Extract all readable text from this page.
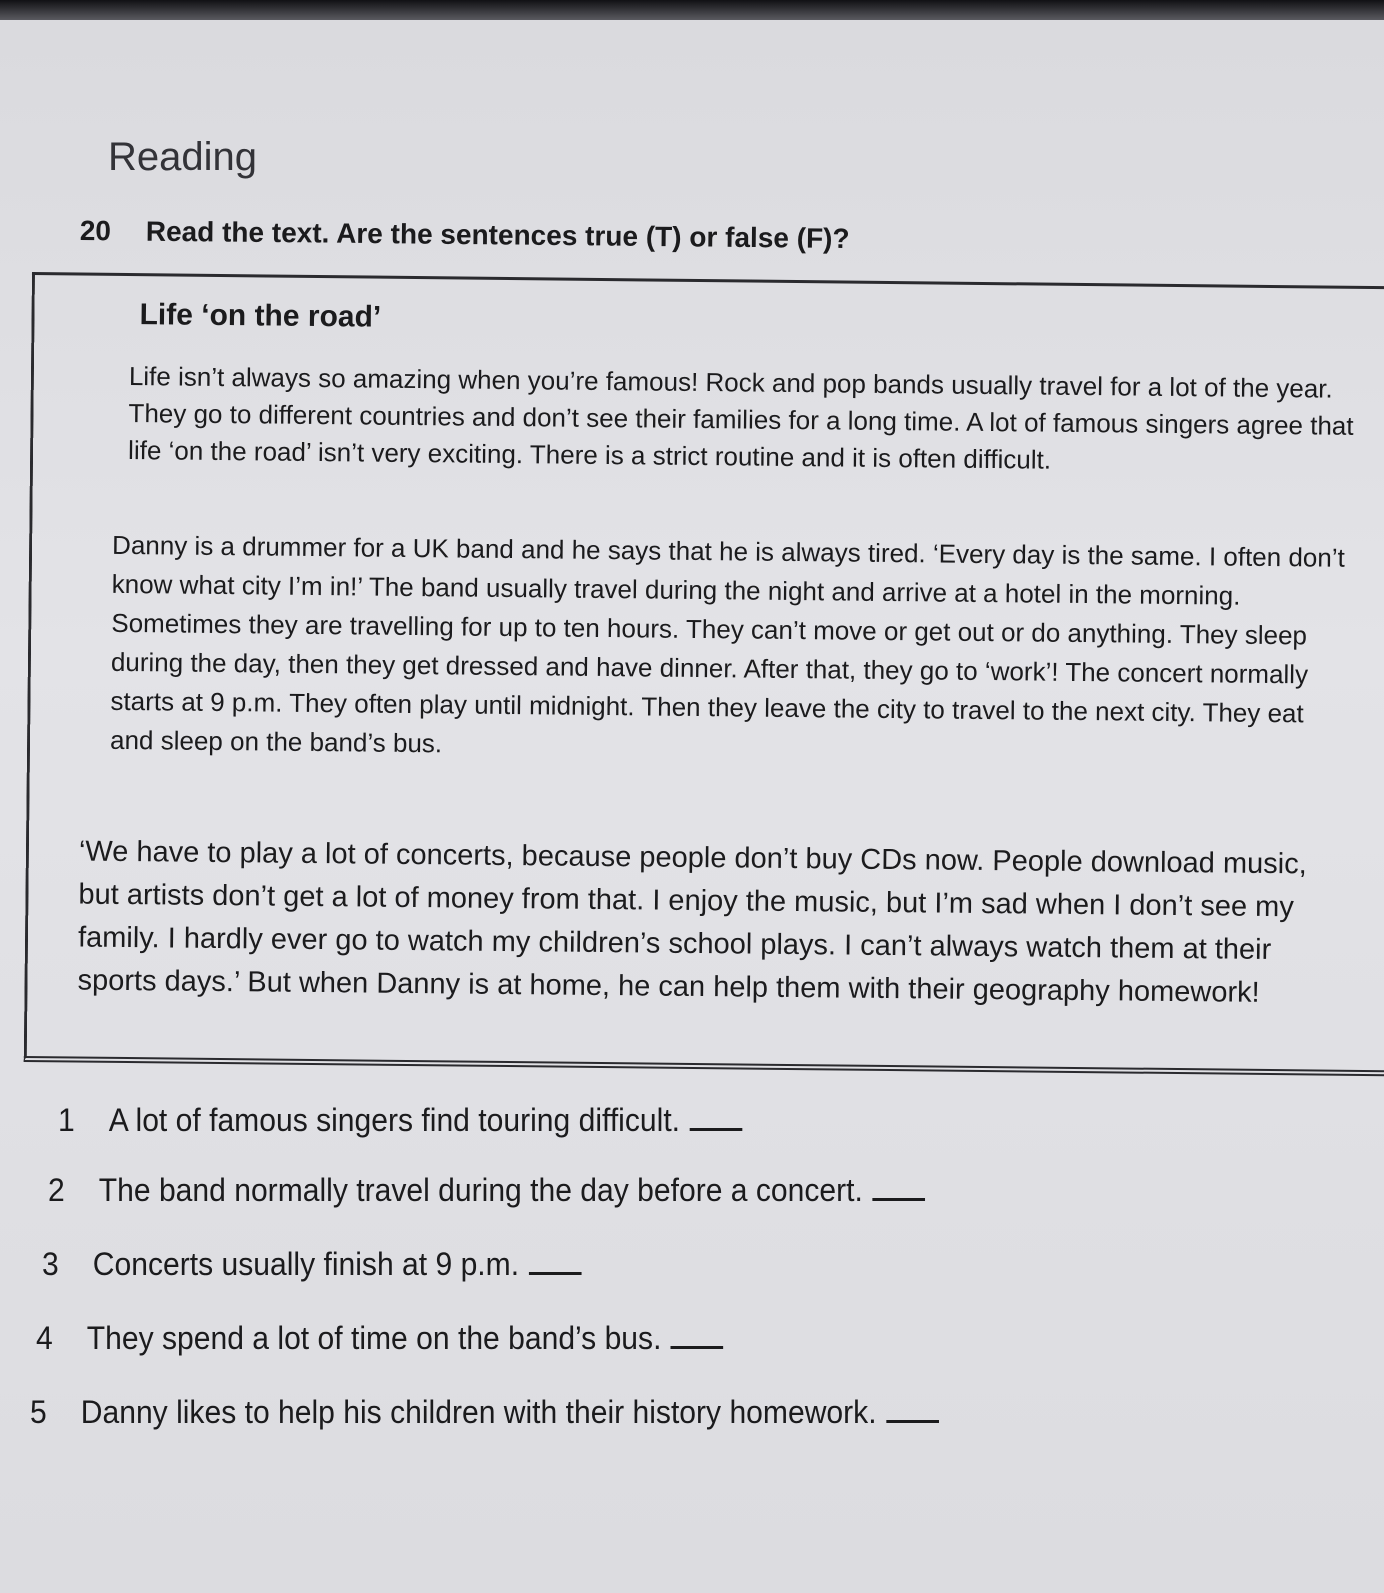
Reading
20 Read the text. Are the sentences true (T) or false (F)?
Life ‘on the road’

Life isn’t always so amazing when you’re famous! Rock and pop bands usually travel for a lot of the year. They go to different countries and don’t see their families for a long time. A lot of famous singers agree that life ‘on the road’ isn’t very exciting. There is a strict routine and it is often difficult.

Danny is a drummer for a UK band and he says that he is always tired. ‘Every day is the same. I often don’t know what city I’m in!’ The band usually travel during the night and arrive at a hotel in the morning. Sometimes they are travelling for up to ten hours. They can’t move or get out or do anything. They sleep during the day, then they get dressed and have dinner. After that, they go to ‘work’! The concert normally starts at 9 p.m. They often play until midnight. Then they leave the city to travel to the next city. They eat and sleep on the band’s bus.

‘We have to play a lot of concerts, because people don’t buy CDs now. People download music, but artists don’t get a lot of money from that. I enjoy the music, but I’m sad when I don’t see my family. I hardly ever go to watch my children’s school plays. I can’t always watch them at their sports days.’ But when Danny is at home, he can help them with their geography homework!

1 A lot of famous singers find touring difficult.
2 The band normally travel during the day before a concert.
3 Concerts usually finish at 9 p.m.
4 They spend a lot of time on the band’s bus.
5 Danny likes to help his children with their history homework.
